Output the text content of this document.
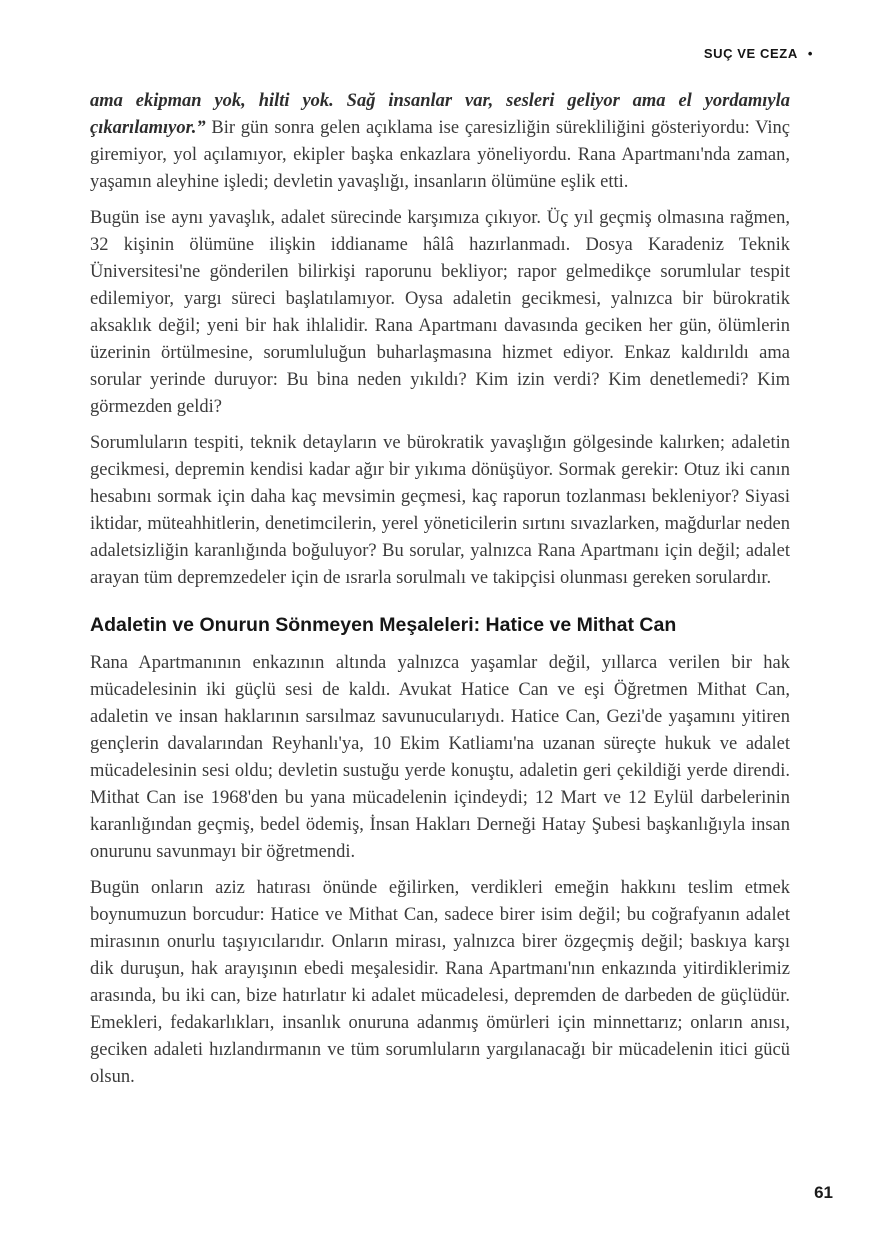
SUÇ VE CEZA •

ama ekipman yok, hilti yok. Sağ insanlar var, sesleri geliyor ama el yordamıyla çıkarılamıyor.” Bir gün sonra gelen açıklama ise çaresizliğin sürekliliğini gösteriyordu: Vinç giremiyor, yol açılamıyor, ekipler başka enkazlara yöneliyordu. Rana Apartmanı'nda zaman, yaşamın aleyhine işledi; devletin yavaşlığı, insanların ölümüne eşlik etti.

Bugün ise aynı yavaşlık, adalet sürecinde karşımıza çıkıyor. Üç yıl geçmiş olmasına rağmen, 32 kişinin ölümüne ilişkin iddianame hâlâ hazırlanmadı. Dosya Karadeniz Teknik Üniversitesi'ne gönderilen bilirkişi raporunu bekliyor; rapor gelmedikçe sorumlular tespit edilemiyor, yargı süreci başlatılamıyor. Oysa adaletin gecikmesi, yalnızca bir bürokratik aksaklık değil; yeni bir hak ihlalidir. Rana Apartmanı davasında geciken her gün, ölümlerin üzerinin örtülmesine, sorumluluğun buharlaşmasına hizmet ediyor. Enkaz kaldırıldı ama sorular yerinde duruyor: Bu bina neden yıkıldı? Kim izin verdi? Kim denetlemedi? Kim görmezden geldi?

Sorumluların tespiti, teknik detayların ve bürokratik yavaşlığın gölgesinde kalırken; adaletin gecikmesi, depremin kendisi kadar ağır bir yıkıma dönüşüyor. Sormak gerekir: Otuz iki canın hesabını sormak için daha kaç mevsimin geçmesi, kaç raporun tozlanması bekleniyor? Siyasi iktidar, müteahhitlerin, denetimcilerin, yerel yöneticilerin sırtını sıvazlarken, mağdurlar neden adaletsizliğin karanlığında boğuluyor? Bu sorular, yalnızca Rana Apartmanı için değil; adalet arayan tüm depremzedeler için de ısrarla sorulmalı ve takipçisi olunması gereken sorulardır.

Adaletin ve Onurun Sönmeyen Meşaleleri: Hatice ve Mithat Can

Rana Apartmanının enkazının altında yalnızca yaşamlar değil, yıllarca verilen bir hak mücadelesinin iki güçlü sesi de kaldı. Avukat Hatice Can ve eşi Öğretmen Mithat Can, adaletin ve insan haklarının sarsılmaz savunucularıydı. Hatice Can, Gezi'de yaşamını yitiren gençlerin davalarından Reyhanlı'ya, 10 Ekim Katliamı'na uzanan süreçte hukuk ve adalet mücadelesinin sesi oldu; devletin sustuğu yerde konuştu, adaletin geri çekildiği yerde direndi. Mithat Can ise 1968'den bu yana mücadelenin içindeydi; 12 Mart ve 12 Eylül darbelerinin karanlığından geçmiş, bedel ödemiş, İnsan Hakları Derneği Hatay Şubesi başkanlığıyla insan onurunu savunmayı bir öğretmendi.

Bugün onların aziz hatırası önünde eğilirken, verdikleri emeğin hakkını teslim etmek boynumuzun borcudur: Hatice ve Mithat Can, sadece birer isim değil; bu coğrafyanın adalet mirasının onurlu taşıyıcılarıdır. Onların mirası, yalnızca birer özgeçmiş değil; baskıya karşı dik duruşun, hak arayışının ebedi meşalesidir. Rana Apartmanı'nın enkazında yitirdiklerimiz arasında, bu iki can, bize hatırlatır ki adalet mücadelesi, depremden de darbeden de güçlüdür. Emekleri, fedakarlıkları, insanlık onuruna adanmış ömürleri için minnettarız; onların anısı, geciken adaleti hızlandırmanın ve tüm sorumluların yargılanacağı bir mücadelenin itici gücü olsun.

61
